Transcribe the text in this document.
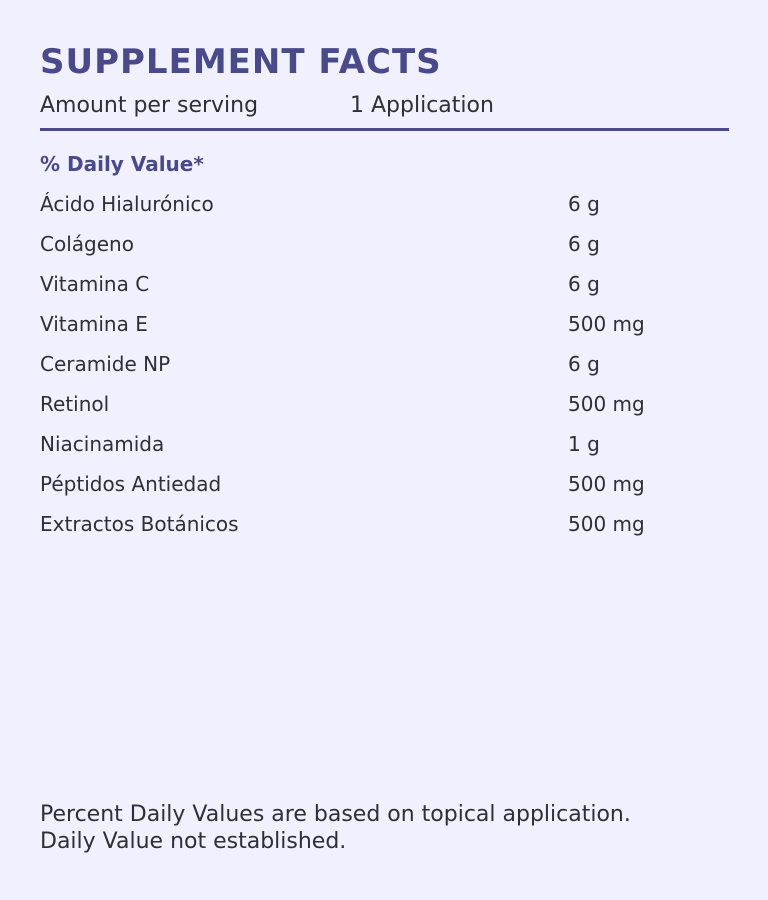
SUPPLEMENT FACTS
Amount per serving	1 Application
% Daily Value*
Ácido Hialurónico	6 g
Colágeno	6 g
Vitamina C	6 g
Vitamina E	500 mg
Ceramide NP	6 g
Retinol	500 mg
Niacinamida	1 g
Péptidos Antiedad	500 mg
Extractos Botánicos	500 mg
Percent Daily Values are based on topical application.
Daily Value not established.
